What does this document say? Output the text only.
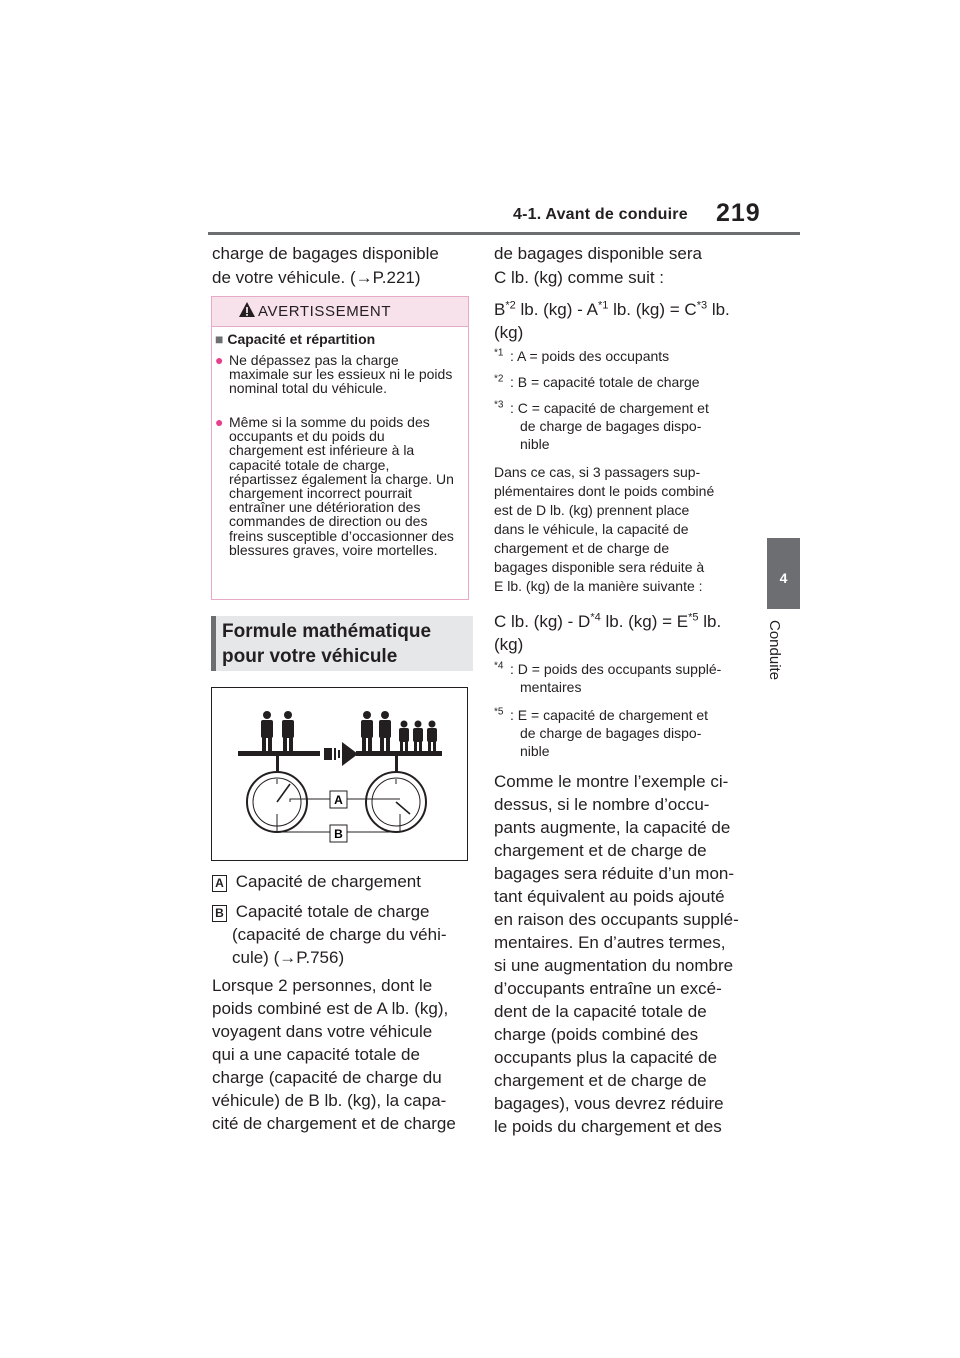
4-1. Avant de conduire 219
4
Conduite
charge de bagages disponible
de votre véhicule. (→P.221)
AVERTISSEMENT
■ Capacité et répartition
● Ne dépassez pas la charge maximale sur les essieux ni le poids nominal total du véhicule.
● Même si la somme du poids des occupants et du poids du chargement est inférieure à la capacité totale de charge, répartissez également la charge. Un chargement incorrect pourrait entraîner une détérioration des commandes de direction ou des freins susceptible d’occasionner des blessures graves, voire mortelles.
Formule mathématique
pour votre véhicule
A
B
A Capacité de chargement
B Capacité totale de charge
(capacité de charge du véhi-
cule) (→P.756)
Lorsque 2 personnes, dont le
poids combiné est de A lb. (kg),
voyagent dans votre véhicule
qui a une capacité totale de
charge (capacité de charge du
véhicule) de B lb. (kg), la capa-
cité de chargement et de charge
de bagages disponible sera
C lb. (kg) comme suit :
$B^{*2}$ lb. $(kg) - A^{*1}$ lb. $(kg) = C^{*3}$ lb.
(kg)
$^{*1}$ : A = poids des occupants
$^{*2}$ : B = capacité totale de charge
$^{*3}$ : C = capacité de chargement et
de charge de bagages dispo-
nible
Dans ce cas, si 3 passagers sup-
plémentaires dont le poids combiné
est de D lb. (kg) prennent place
dans le véhicule, la capacité de
chargement et de charge de
bagages disponible sera réduite à
E lb. (kg) de la manière suivante :
C lb. $(kg) - D^{*4}$ lb. $(kg) = E^{*5}$ lb.
(kg)
$^{*4}$ : D = poids des occupants supplé-
mentaires
$^{*5}$ : E = capacité de chargement et
de charge de bagages dispo-
nible
Comme le montre l’exemple ci-
dessus, si le nombre d’occu-
pants augmente, la capacité de
chargement et de charge de
bagages sera réduite d’un mon-
tant équivalent au poids ajouté
en raison des occupants supplé-
mentaires. En d’autres termes,
si une augmentation du nombre
d’occupants entraîne un excé-
dent de la capacité totale de
charge (poids combiné des
occupants plus la capacité de
chargement et de charge de
bagages), vous devrez réduire
le poids du chargement et des
